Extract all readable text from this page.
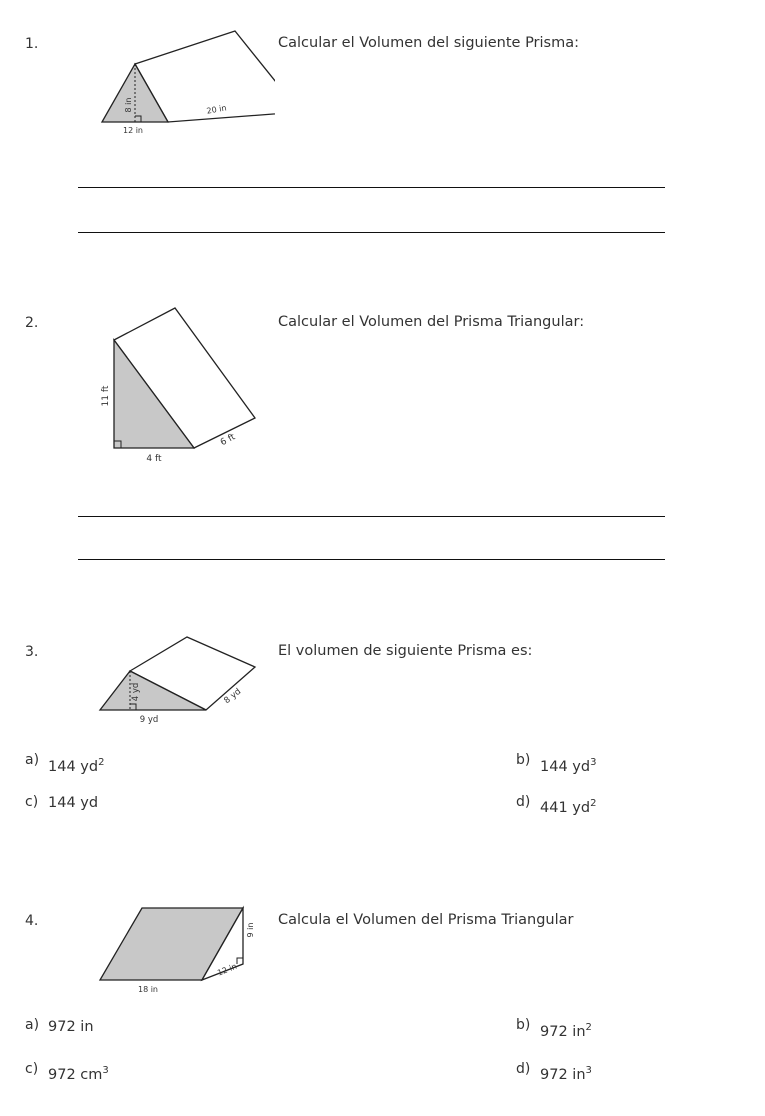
1.
8 in
12 in
20 in
Calcular el Volumen del siguiente Prisma:
2.
11 ft
4 ft
6 ft
Calcular el Volumen del Prisma Triangular:
3.
4 yd
9 yd
8 yd
El volumen de siguiente Prisma es:
a) 144 $yd^2$	b) 144 $yd^3$
c) 144 yd	d) 441 $yd^2$
4.
9 in
18 in
12 in
Calcula el Volumen del Prisma Triangular
a) 972 in	b) 972 $in^2$
c) 972 $cm^3$	d) 972 $in^3$
